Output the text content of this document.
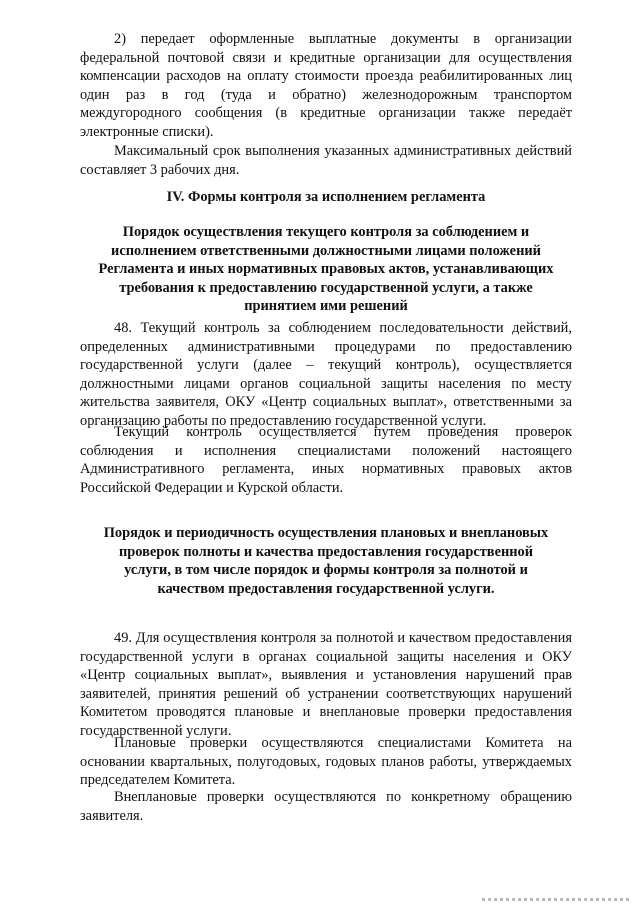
2) передает оформленные выплатные документы в организации федеральной почтовой связи и кредитные организации для осуществления компенсации расходов на оплату стоимости проезда реабилитированных лиц один раз в год (туда и обратно) железнодорожным транспортом междугородного сообщения (в кредитные организации также передаёт электронные списки).

Максимальный срок выполнения указанных административных действий составляет 3 рабочих дня.

IV. Формы контроля за исполнением регламента

Порядок осуществления текущего контроля за соблюдением и исполнением ответственными должностными лицами положений Регламента и иных нормативных правовых актов, устанавливающих требования к предоставлению государственной услуги, а также принятием ими решений

48. Текущий контроль за соблюдением последовательности действий, определенных административными процедурами по предоставлению государственной услуги (далее – текущий контроль), осуществляется должностными лицами органов социальной защиты населения по месту жительства заявителя, ОКУ «Центр социальных выплат», ответственными за организацию работы по предоставлению государственной услуги.

Текущий контроль осуществляется путем проведения проверок соблюдения и исполнения специалистами положений настоящего Административного регламента, иных нормативных правовых актов Российской Федерации и Курской области.

Порядок и периодичность осуществления плановых и внеплановых проверок полноты и качества предоставления государственной услуги, в том числе порядок и формы контроля за полнотой и качеством предоставления государственной услуги.

49. Для осуществления контроля за полнотой и качеством предоставления государственной услуги в органах социальной защиты населения и ОКУ «Центр социальных выплат», выявления и установления нарушений прав заявителей, принятия решений об устранении соответствующих нарушений Комитетом проводятся плановые и внеплановые проверки предоставления государственной услуги.

Плановые проверки осуществляются специалистами Комитета на основании квартальных, полугодовых, годовых планов работы, утверждаемых председателем Комитета.

Внеплановые проверки осуществляются по конкретному обращению заявителя.
